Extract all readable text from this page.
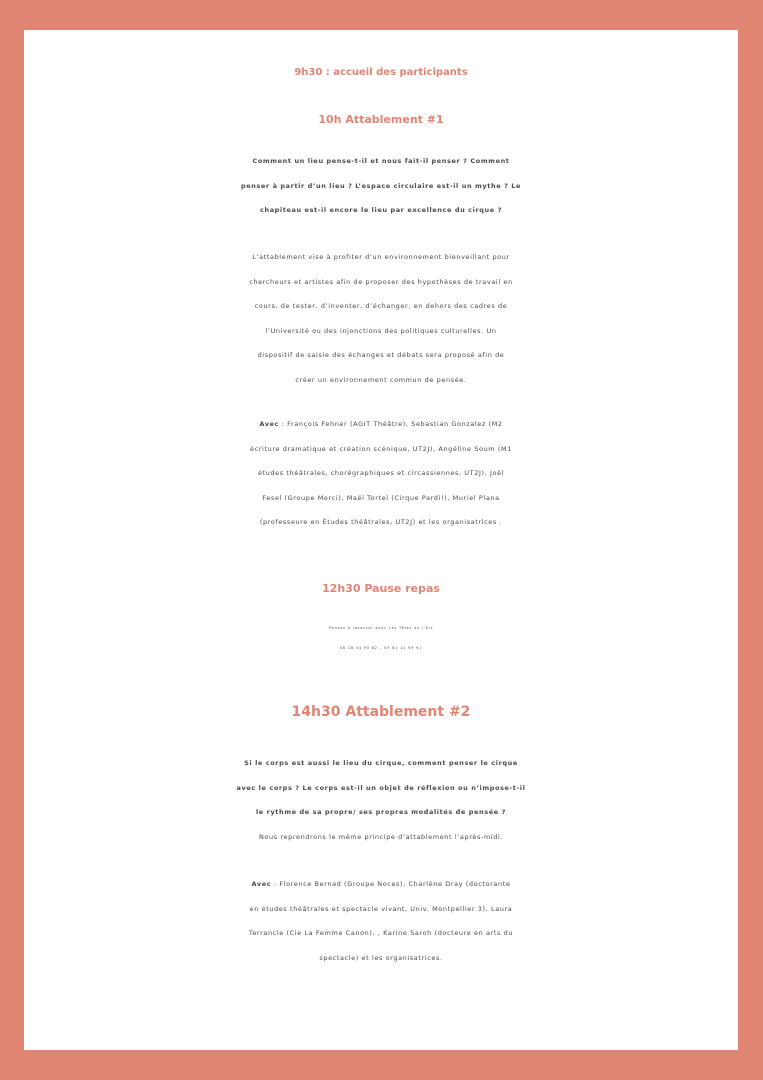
9h30 : accueil des participants

10h Attablement #1

Comment un lieu pense-t-il et nous fait-il penser ? Comment

penser à partir d’un lieu ? L’espace circulaire est-il un mythe ? Le

chapiteau est-il encore le lieu par excellence du cirque ?

L’attablement vise à profiter d’un environnement bienveillant pour

chercheurs et artistes afin de proposer des hypothèses de travail en

cours, de tester, d’inventer, d’échanger, en dehors des cadres de

l’Université ou des injonctions des politiques culturelles. Un

dispositif de saisie des échanges et débats sera proposé afin de

créer un environnement commun de pensée.

Avec : François Fehner (AGIT Théâtre), Sebastian Gonzalez (M2

écriture dramatique et création scénique, UT2J), Angéline Soum (M1

études théâtrales, chorégraphiques et circassiennes, UT2J), Joël

Fesel (Groupe Merci), Maël Tortel (Cirque Pardi!), Muriel Plana

(professeure en Études théâtrales, UT2J) et les organisatrices .

12h30 Pause repas

Pensez à réserver avec Les Têtes de l'Art

06 18 34 90 82 – 09 81 14 99 91

14h30 Attablement #2

Si le corps est aussi le lieu du cirque, comment penser le cirque

avec le corps ? Le corps est-il un objet de réflexion ou n’impose-t-il

le rythme de sa propre/ ses propres modalités de pensée ?

Nous reprendrons le même principe d’attablement l’après-midi.

Avec : Florence Bernad (Groupe Noces), Charlène Dray (doctorante

en études théâtrales et spectacle vivant, Univ. Montpellier 3), Laura

Terrancle (Cie La Femme Canon), , Karine Saroh (docteure en arts du

spectacle) et les organisatrices.
